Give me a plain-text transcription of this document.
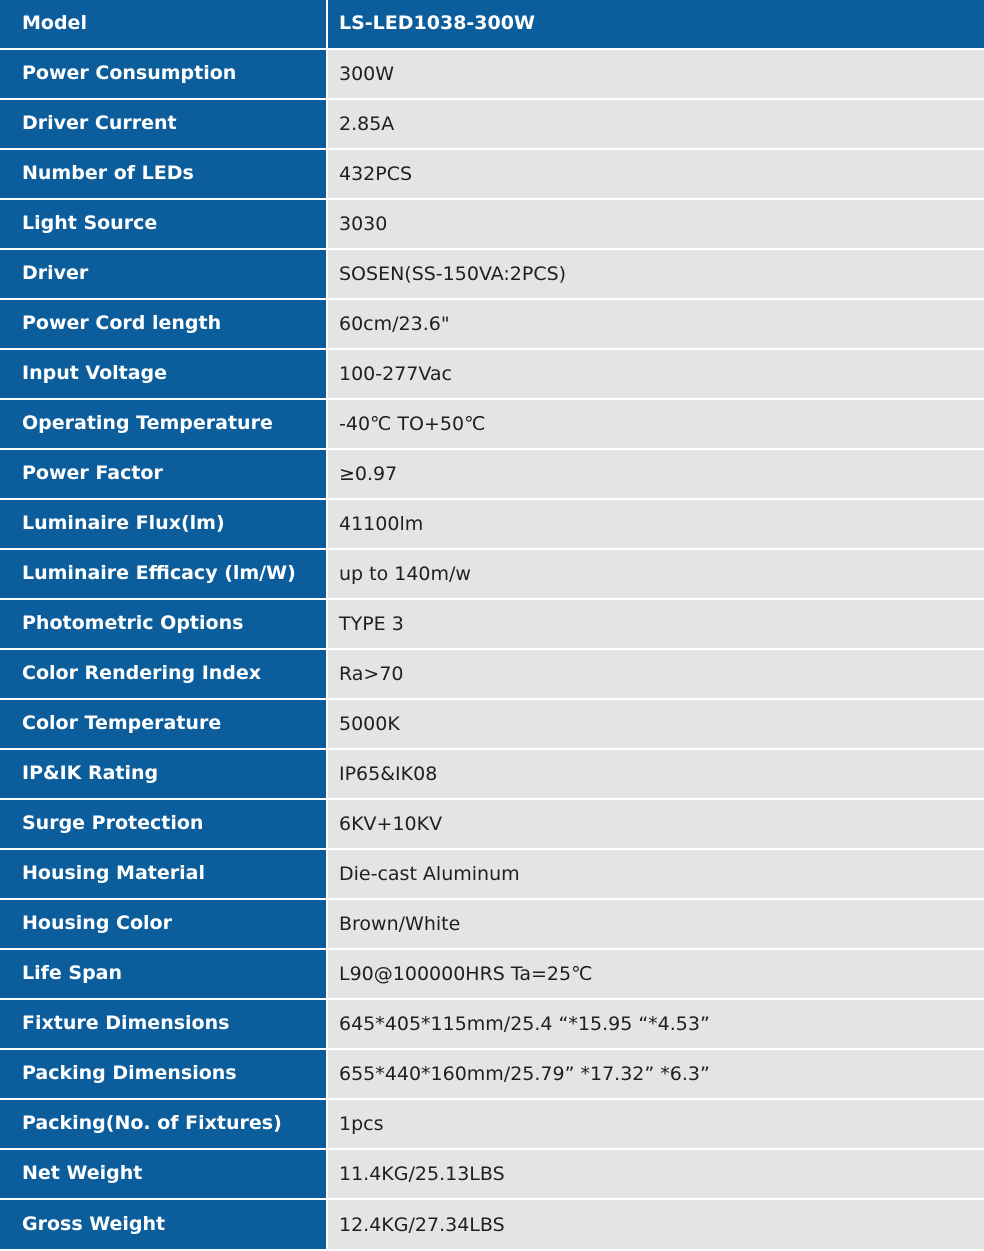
Model	LS-LED1038-300W
Power Consumption	300W
Driver Current	2.85A
Number of LEDs	432PCS
Light Source	3030
Driver	SOSEN(SS-150VA:2PCS)
Power Cord length	60cm/23.6"
Input Voltage	100-277Vac
Operating Temperature	-40℃ TO+50℃
Power Factor	≥0.97
Luminaire Flux(lm)	41100lm
Luminaire Efficacy (lm/W)	up to 140m/w
Photometric Options	TYPE 3
Color Rendering Index	Ra>70
Color Temperature	5000K
IP&IK Rating	IP65&IK08
Surge Protection	6KV+10KV
Housing Material	Die-cast Aluminum
Housing Color	Brown/White
Life Span	L90@100000HRS Ta=25℃
Fixture Dimensions	645*405*115mm/25.4 “*15.95 “*4.53”
Packing Dimensions	655*440*160mm/25.79” *17.32” *6.3”
Packing(No. of Fixtures)	1pcs
Net Weight	11.4KG/25.13LBS
Gross Weight	12.4KG/27.34LBS
